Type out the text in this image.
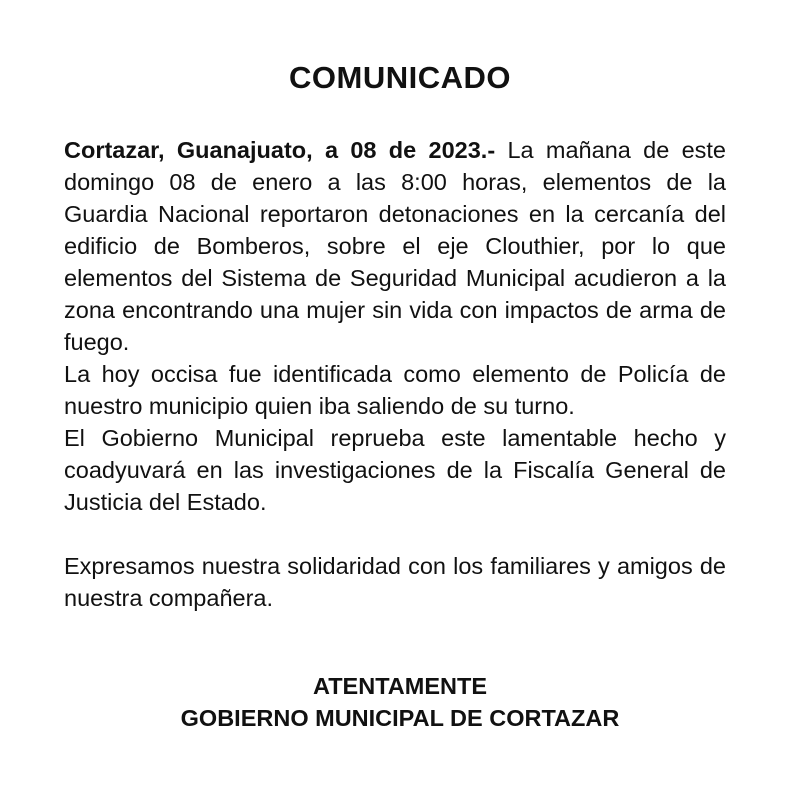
COMUNICADO

Cortazar, Guanajuato, a 08 de 2023.- La mañana de este domingo 08 de enero a las 8:00 horas, elementos de la Guardia Nacional reportaron detonaciones en la cercanía del edificio de Bomberos, sobre el eje Clouthier, por lo que elementos del Sistema de Seguridad Municipal acudieron a la zona encontrando una mujer sin vida con impactos de arma de fuego.

La hoy occisa fue identificada como elemento de Policía de nuestro municipio quien iba saliendo de su turno.

El Gobierno Municipal reprueba este lamentable hecho y coadyuvará en las investigaciones de la Fiscalía General de Justicia del Estado.

Expresamos nuestra solidaridad con los familiares y amigos de nuestra compañera.

ATENTAMENTE
GOBIERNO MUNICIPAL DE CORTAZAR
